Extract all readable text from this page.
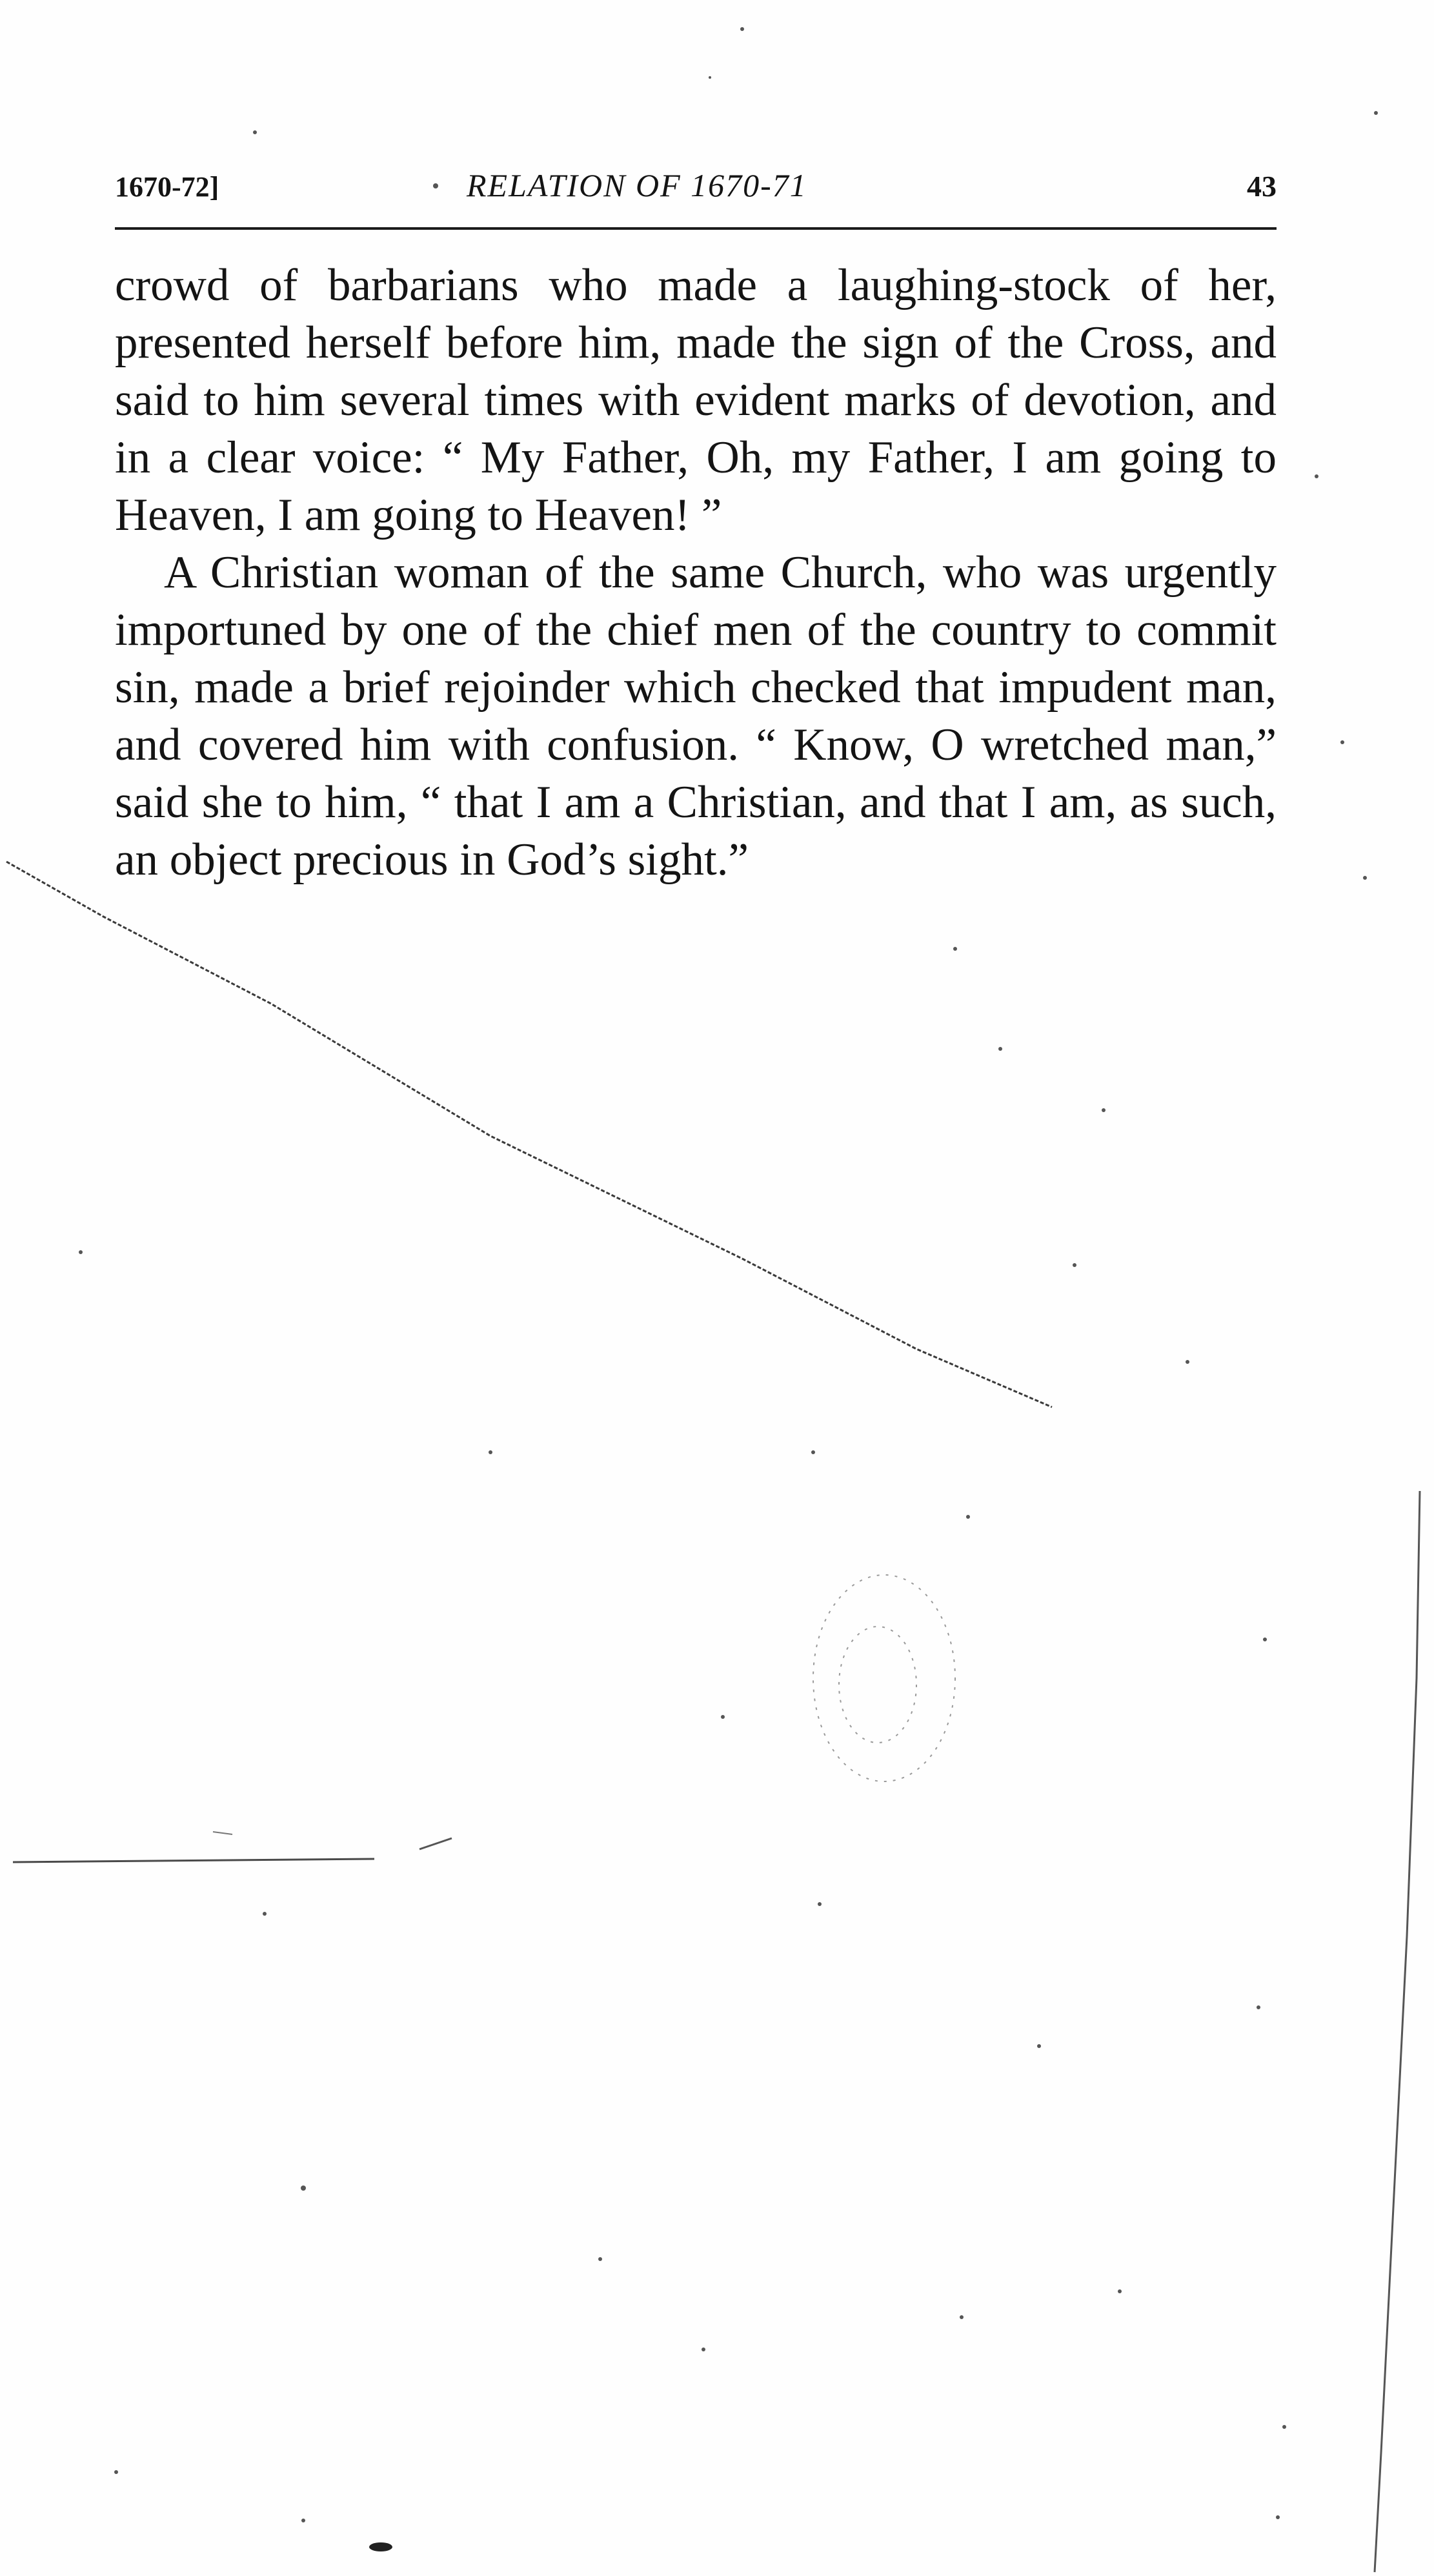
1670-72]	RELATION OF 1670-71	43

crowd of barbarians who made a laughing-stock of her, presented herself before him, made the sign of the Cross, and said to him several times with evident marks of devotion, and in a clear voice: “ My Father, Oh, my Father, I am going to Heaven, I am going to Heaven! ”

A Christian woman of the same Church, who was urgently importuned by one of the chief men of the country to commit sin, made a brief rejoinder which checked that impudent man, and covered him with confusion. “ Know, O wretched man,” said she to him, “ that I am a Christian, and that I am, as such, an object precious in God’s sight.”
